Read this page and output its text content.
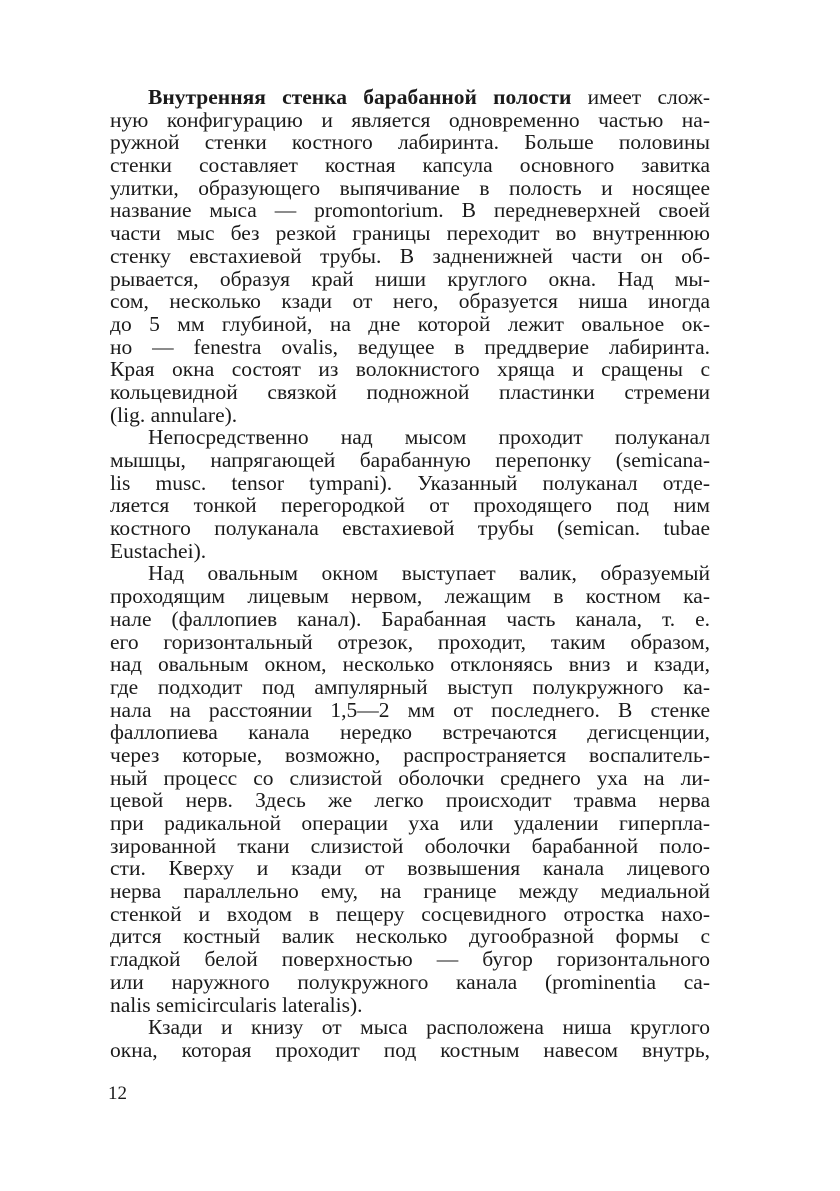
Внутренняя стенка барабанной полости имеет слож-
ную конфигурацию и является одновременно частью на-
ружной стенки костного лабиринта. Больше половины
стенки составляет костная капсула основного завитка
улитки, образующего выпячивание в полость и носящее
название мыса — promontorium. В передневерхней своей
части мыс без резкой границы переходит во внутреннюю
стенку евстахиевой трубы. В задненижней части он об-
рывается, образуя край ниши круглого окна. Над мы-
сом, несколько кзади от него, образуется ниша иногда
до 5 мм глубиной, на дне которой лежит овальное ок-
но — fenestra ovalis, ведущее в преддверие лабиринта.
Края окна состоят из волокнистого хряща и сращены с
кольцевидной связкой подножной пластинки стремени
(lig. annulare).
Непосредственно над мысом проходит полуканал
мышцы, напрягающей барабанную перепонку (semicana-
lis musc. tensor tympani). Указанный полуканал отде-
ляется тонкой перегородкой от проходящего под ним
костного полуканала евстахиевой трубы (semican. tubae
Eustachei).
Над овальным окном выступает валик, образуемый
проходящим лицевым нервом, лежащим в костном ка-
нале (фаллопиев канал). Барабанная часть канала, т. е.
его горизонтальный отрезок, проходит, таким образом,
над овальным окном, несколько отклоняясь вниз и кзади,
где подходит под ампулярный выступ полукружного ка-
нала на расстоянии 1,5—2 мм от последнего. В стенке
фаллопиева канала нередко встречаются дегисценции,
через которые, возможно, распространяется воспалитель-
ный процесс со слизистой оболочки среднего уха на ли-
цевой нерв. Здесь же легко происходит травма нерва
при радикальной операции уха или удалении гиперпла-
зированной ткани слизистой оболочки барабанной поло-
сти. Кверху и кзади от возвышения канала лицевого
нерва параллельно ему, на границе между медиальной
стенкой и входом в пещеру сосцевидного отростка нахо-
дится костный валик несколько дугообразной формы с
гладкой белой поверхностью — бугор горизонтального
или наружного полукружного канала (prominentia ca-
nalis semicircularis lateralis).
Кзади и книзу от мыса расположена ниша круглого
окна, которая проходит под костным навесом внутрь,
12
